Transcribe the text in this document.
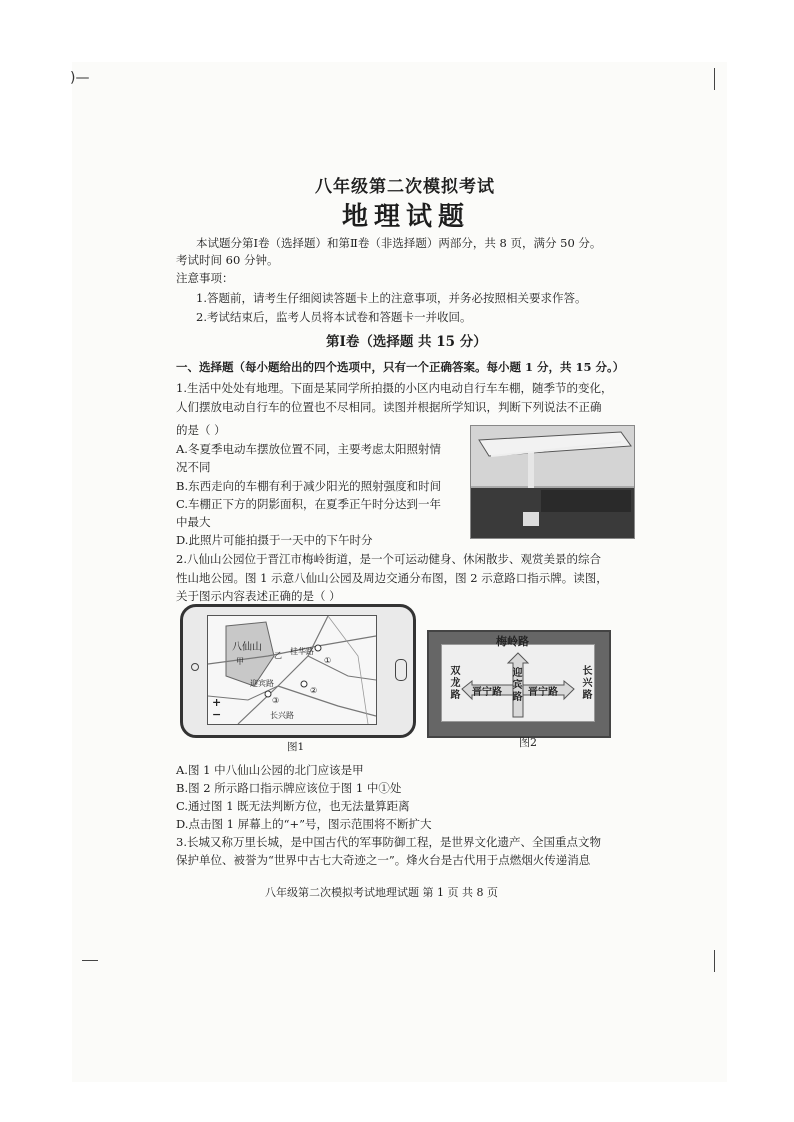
)—
八年级第二次模拟考试
地理试题
本试题分第Ⅰ卷（选择题）和第Ⅱ卷（非选择题）两部分，共 8 页，满分 50 分。
考试时间 60 分钟。
注意事项：
1.答题前，请考生仔细阅读答题卡上的注意事项，并务必按照相关要求作答。
2.考试结束后，监考人员将本试卷和答题卡一并收回。
第Ⅰ卷（选择题 共 15 分）
一、选择题（每小题给出的四个选项中，只有一个正确答案。每小题 1 分，共 15 分。）
1.生活中处处有地理。下面是某同学所拍摄的小区内电动自行车车棚，随季节的变化，
人们摆放电动自行车的位置也不尽相同。读图并根据所学知识，判断下列说法不正确
的是（ ）
A.冬夏季电动车摆放位置不同，主要考虑太阳照射情
况不同
B.东西走向的车棚有利于减少阳光的照射强度和时间
C.车棚正下方的阴影面积，在夏季正午时分达到一年
中最大
D.此照片可能拍摄于一天中的下午时分
2.八仙山公园位于晋江市梅岭街道，是一个可运动健身、休闲散步、观赏美景的综合
性山地公园。图 1 示意八仙山公园及周边交通分布图，图 2 示意路口指示牌。读图，
关于图示内容表述正确的是（ ）
八仙山
甲
乙 桂华路
迎宾路
长兴路
①
②
③
+
−
图1
梅岭路
迎宾路
晋宁路	晋宁路
双龙路	长兴路
图2
A.图 1 中八仙山公园的北门应该是甲
B.图 2 所示路口指示牌应该位于图 1 中①处
C.通过图 1 既无法判断方位，也无法量算距离
D.点击图 1 屏幕上的“+”号，图示范围将不断扩大
3.长城又称万里长城，是中国古代的军事防御工程，是世界文化遗产、全国重点文物
保护单位、被誉为“世界中古七大奇迹之一”。烽火台是古代用于点燃烟火传递消息
八年级第二次模拟考试地理试题 第 1 页 共 8 页
